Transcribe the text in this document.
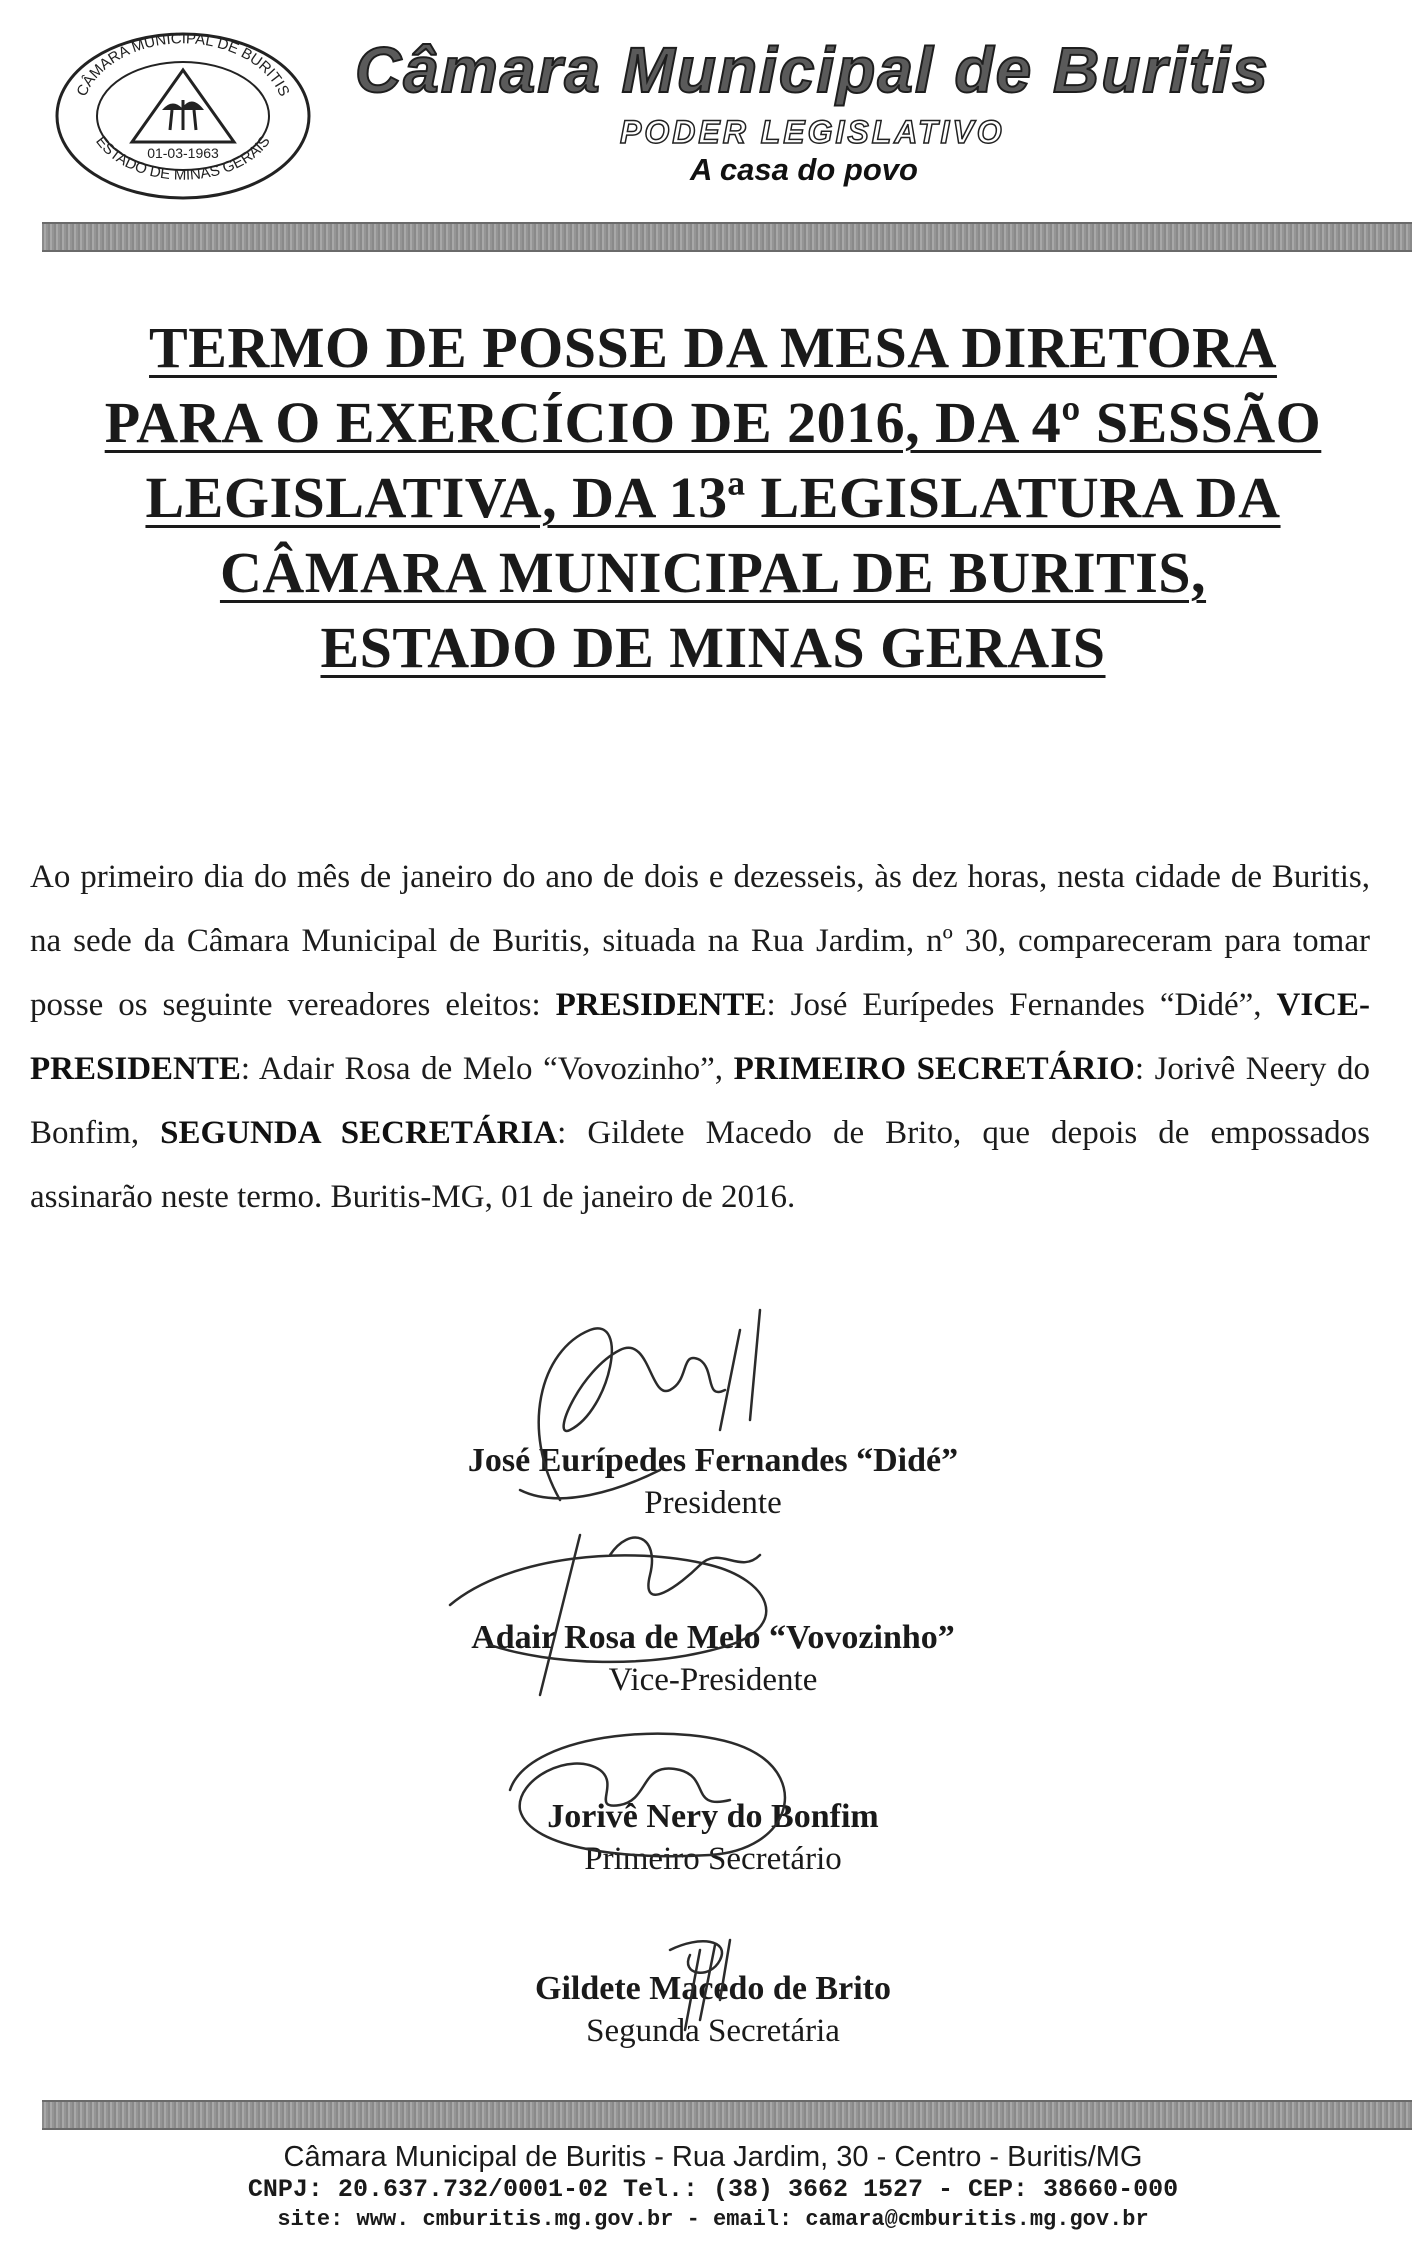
CÂMARA MUNICIPAL DE BURITIS
ESTADO DE MINAS GERAIS
01-03-1963
Câmara Municipal de Buritis
PODER LEGISLATIVO
A casa do povo
TERMO DE POSSE DA MESA DIRETORA
PARA O EXERCÍCIO DE 2016, DA 4º SESSÃO
LEGISLATIVA, DA 13ª LEGISLATURA DA
CÂMARA MUNICIPAL DE BURITIS,
ESTADO DE MINAS GERAIS
Ao primeiro dia do mês de janeiro do ano de dois e dezesseis, às dez horas, nesta cidade de Buritis, na sede da Câmara Municipal de Buritis, situada na Rua Jardim, nº 30, compareceram para tomar posse os seguinte vereadores eleitos: PRESIDENTE: José Eurípedes Fernandes “Didé”, VICE-PRESIDENTE: Adair Rosa de Melo “Vovozinho”, PRIMEIRO SECRETÁRIO: Jorivê Neery do Bonfim, SEGUNDA SECRETÁRIA: Gildete Macedo de Brito, que depois de empossados assinarão neste termo. Buritis-MG, 01 de janeiro de 2016.
José Eurípedes Fernandes “Didé”
Presidente
Adair Rosa de Melo “Vovozinho”
Vice-Presidente
Jorivê Nery do Bonfim
Primeiro Secretário
Gildete Macedo de Brito
Segunda Secretária
Câmara Municipal de Buritis - Rua Jardim, 30 - Centro - Buritis/MG
CNPJ: 20.637.732/0001-02 Tel.: (38) 3662 1527 - CEP: 38660-000
site: www. cmburitis.mg.gov.br - email: camara@cmburitis.mg.gov.br
